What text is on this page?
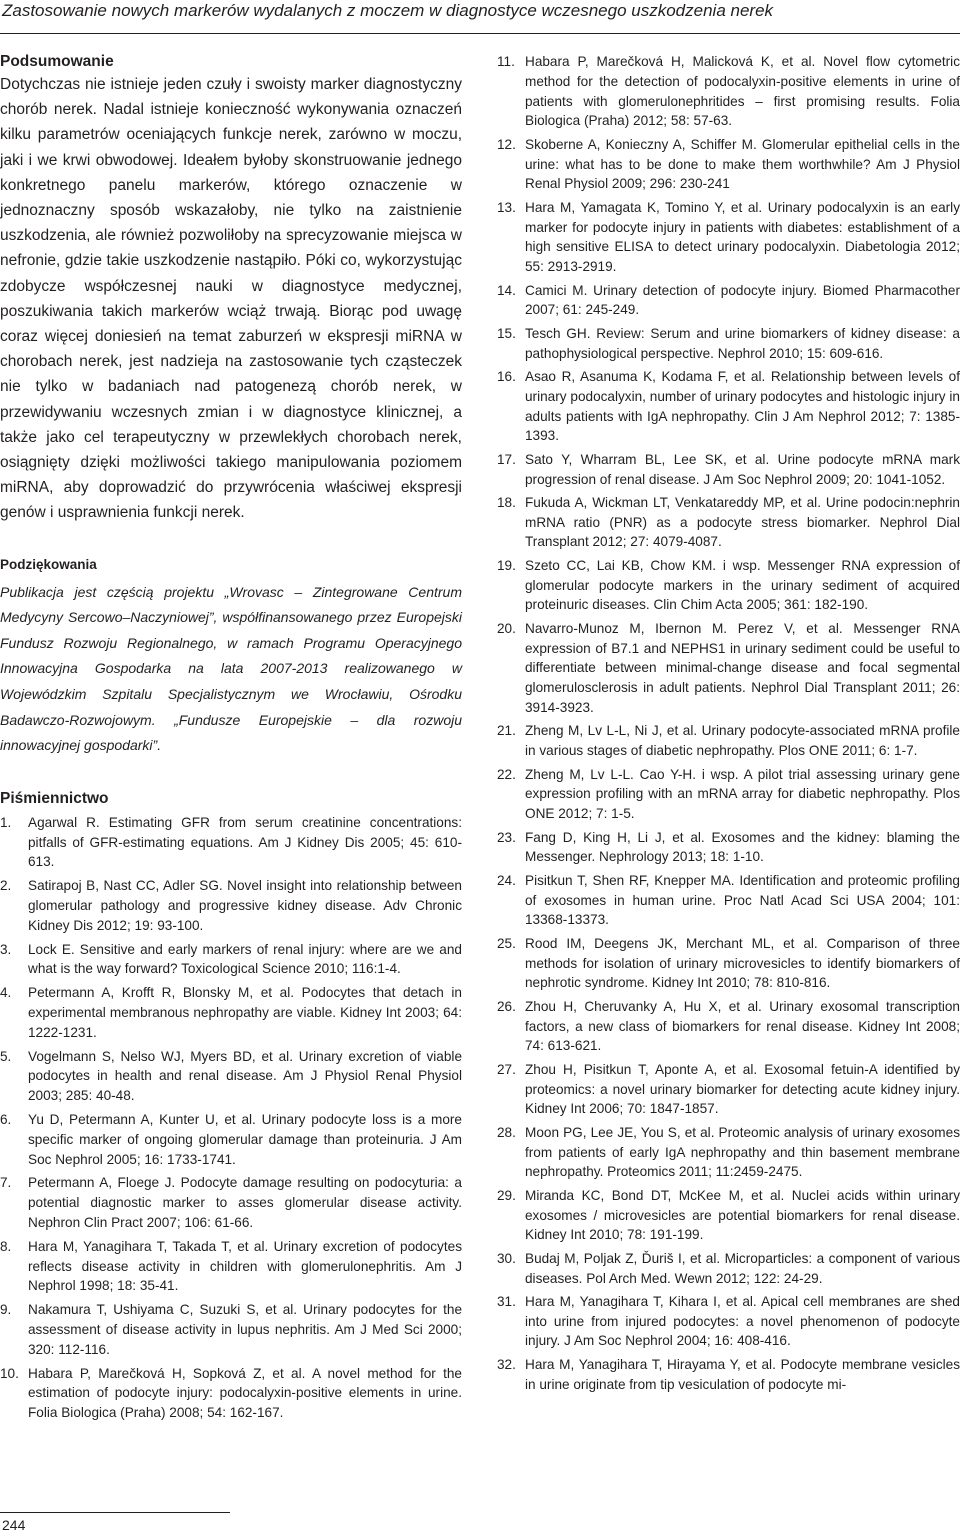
Zastosowanie nowych markerów wydalanych z moczem w diagnostyce wczesnego uszkodzenia nerek
Podsumowanie

Dotychczas nie istnieje jeden czuły i swoisty marker diagnostyczny chorób nerek. Nadal istnieje konieczność wykonywania oznaczeń kilku parametrów oceniających funkcje nerek, zarówno w moczu, jaki i we krwi obwodowej. Ideałem byłoby skonstruowanie jednego konkretnego panelu markerów, którego oznaczenie w jednoznaczny sposób wskazałoby, nie tylko na zaistnienie uszkodzenia, ale również pozwoliłoby na sprecyzowanie miejsca w nefronie, gdzie takie uszkodzenie nastąpiło. Póki co, wykorzystując zdobycze współczesnej nauki w diagnostyce medycznej, poszukiwania takich markerów wciąż trwają. Biorąc pod uwagę coraz więcej doniesień na temat zaburzeń w ekspresji miRNA w chorobach nerek, jest nadzieja na zastosowanie tych cząsteczek nie tylko w badaniach nad patogenezą chorób nerek, w przewidywaniu wczesnych zmian i w diagnostyce klinicznej, a także jako cel terapeutyczny w przewlekłych chorobach nerek, osiągnięty dzięki możliwości takiego manipulowania poziomem miRNA, aby doprowadzić do przywrócenia właściwej ekspresji genów i usprawnienia funkcji nerek.

Podziękowania

Publikacja jest częścią projektu „Wrovasc – Zintegrowane Centrum Medycyny Sercowo–Naczyniowej”, współfinansowanego przez Europejski Fundusz Rozwoju Regionalnego, w ramach Programu Operacyjnego Innowacyjna Gospodarka na lata 2007-2013 realizowanego w Wojewódzkim Szpitalu Specjalistycznym we Wrocławiu, Ośrodku Badawczo-Rozwojowym. „Fundusze Europejskie – dla rozwoju innowacyjnej gospodarki”.

Piśmiennictwo
1.	Agarwal R. Estimating GFR from serum creatinine concentrations: pitfalls of GFR-estimating equations. Am J Kidney Dis 2005; 45: 610-613.
2.	Satirapoj B, Nast CC, Adler SG. Novel insight into relationship between glomerular pathology and progressive kidney disease. Adv Chronic Kidney Dis 2012; 19: 93-100.
3.	Lock E. Sensitive and early markers of renal injury: where are we and what is the way forward? Toxicological Science 2010; 116:1-4.
4.	Petermann A, Krofft R, Blonsky M, et al. Podocytes that detach in experimental membranous nephropathy are viable. Kidney Int 2003; 64: 1222-1231.
5.	Vogelmann S, Nelso WJ, Myers BD, et al. Urinary excretion of viable podocytes in health and renal disease. Am J Physiol Renal Physiol 2003; 285: 40-48.
6.	Yu D, Petermann A, Kunter U, et al. Urinary podocyte loss is a more specific marker of ongoing glomerular damage than proteinuria. J Am Soc Nephrol 2005; 16: 1733-1741.
7.	Petermann A, Floege J. Podocyte damage resulting on podocyturia: a potential diagnostic marker to asses glomerular disease activity. Nephron Clin Pract 2007; 106: 61-66.
8.	Hara M, Yanagihara T, Takada T, et al. Urinary excretion of podocytes reflects disease activity in children with glomerulonephritis. Am J Nephrol 1998; 18: 35-41.
9.	Nakamura T, Ushiyama C, Suzuki S, et al. Urinary podocytes for the assessment of disease activity in lupus nephritis. Am J Med Sci 2000; 320: 112-116.
10. Habara P, Marečková H, Sopková Z, et al. A novel method for the estimation of podocyte injury: podocalyxin-positive elements in urine. Folia Biologica (Praha) 2008; 54: 162-167.
11. Habara P, Marečková H, Malicková K, et al. Novel flow cytometric method for the detection of podocalyxin-positive elements in urine of patients with glomerulonephritides – first promising results. Folia Biologica (Praha) 2012; 58: 57-63.
12. Skoberne A, Konieczny A, Schiffer M. Glomerular epithelial cells in the urine: what has to be done to make them worthwhile? Am J Physiol Renal Physiol 2009; 296: 230-241
13. Hara M, Yamagata K, Tomino Y, et al. Urinary podocalyxin is an early marker for podocyte injury in patients with diabetes: establishment of a high sensitive ELISA to detect urinary podocalyxin. Diabetologia 2012; 55: 2913-2919.
14. Camici M. Urinary detection of podocyte injury. Biomed Pharmacother 2007; 61: 245-249.
15. Tesch GH. Review: Serum and urine biomarkers of kidney disease: a pathophysiological perspective. Nephrol 2010; 15: 609-616.
16. Asao R, Asanuma K, Kodama F, et al. Relationship between levels of urinary podocalyxin, number of urinary podocytes and histologic injury in adults patients with IgA nephropathy. Clin J Am Nephrol 2012; 7: 1385-1393.
17. Sato Y, Wharram BL, Lee SK, et al. Urine podocyte mRNA mark progression of renal disease. J Am Soc Nephrol 2009; 20: 1041-1052.
18. Fukuda A, Wickman LT, Venkatareddy MP, et al. Urine podocin:nephrin mRNA ratio (PNR) as a podocyte stress biomarker. Nephrol Dial Transplant 2012; 27: 4079-4087.
19. Szeto CC, Lai KB, Chow KM. i wsp. Messenger RNA expression of glomerular podocyte markers in the urinary sediment of acquired proteinuric diseases. Clin Chim Acta 2005; 361: 182-190.
20. Navarro-Munoz M, Ibernon M. Perez V, et al. Messenger RNA expression of B7.1 and NEPHS1 in urinary sediment could be useful to differentiate between minimal-change disease and focal segmental glomerulosclerosis in adult patients. Nephrol Dial Transplant 2011; 26: 3914-3923.
21. Zheng M, Lv L-L, Ni J, et al. Urinary podocyte-associated mRNA profile in various stages of diabetic nephropathy. Plos ONE 2011; 6: 1-7.
22. Zheng M, Lv L-L. Cao Y-H. i wsp. A pilot trial assessing urinary gene expression profiling with an mRNA array for diabetic nephropathy. Plos ONE 2012; 7: 1-5.
23. Fang D, King H, Li J, et al. Exosomes and the kidney: blaming the Messenger. Nephrology 2013; 18: 1-10.
24. Pisitkun T, Shen RF, Knepper MA. Identification and proteomic profiling of exosomes in human urine. Proc Natl Acad Sci USA 2004; 101: 13368-13373.
25. Rood IM, Deegens JK, Merchant ML, et al. Comparison of three methods for isolation of urinary microvesicles to identify biomarkers of nephrotic syndrome. Kidney Int 2010; 78: 810-816.
26. Zhou H, Cheruvanky A, Hu X, et al. Urinary exosomal transcription factors, a new class of biomarkers for renal disease. Kidney Int 2008; 74: 613-621.
27. Zhou H, Pisitkun T, Aponte A, et al. Exosomal fetuin-A identified by proteomics: a novel urinary biomarker for detecting acute kidney injury. Kidney Int 2006; 70: 1847-1857.
28. Moon PG, Lee JE, You S, et al. Proteomic analysis of urinary exosomes from patients of early IgA nephropathy and thin basement membrane nephropathy. Proteomics 2011; 11:2459-2475.
29. Miranda KC, Bond DT, McKee M, et al. Nuclei acids within urinary exosomes / microvesicles are potential biomarkers for renal disease. Kidney Int 2010; 78: 191-199.
30. Budaj M, Poljak Z, Ďuriš I, et al. Microparticles: a component of various diseases. Pol Arch Med. Wewn 2012; 122: 24-29.
31. Hara M, Yanagihara T, Kihara I, et al. Apical cell membranes are shed into urine from injured podocytes: a novel phenomenon of podocyte injury. J Am Soc Nephrol 2004; 16: 408-416.
32. Hara M, Yanagihara T, Hirayama Y, et al. Podocyte membrane vesicles in urine originate from tip vesiculation of podocyte mi-
244
